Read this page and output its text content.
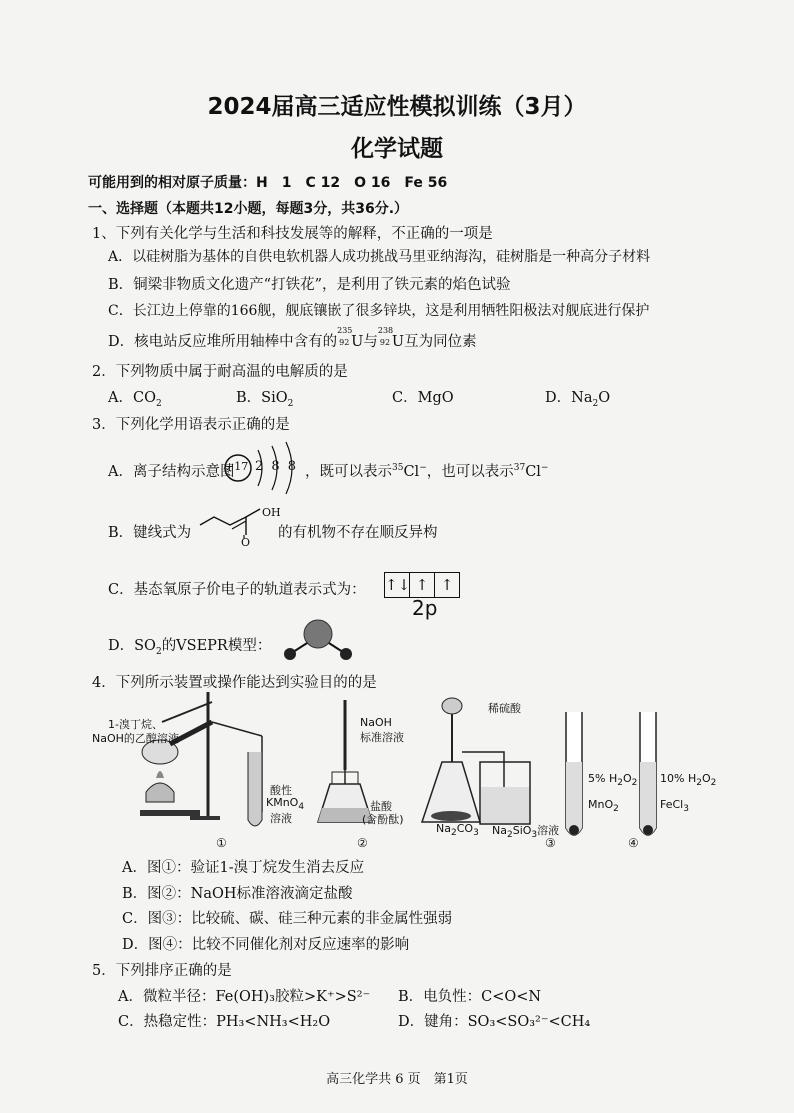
2024届高三适应性模拟训练（3月）
化学试题
可能用到的相对原子质量：H　1　C 12　O 16　Fe 56
一、选择题（本题共12小题，每题3分，共36分.）
1、下列有关化学与生活和科技发展等的解释，不正确的一项是
A．以硅树脂为基体的自供电软机器人成功挑战马里亚纳海沟，硅树脂是一种高分子材料
B．铜梁非物质文化遗产“打铁花”，是利用了铁元素的焰色试验
C．长江边上停靠的166舰，舰底镶嵌了很多锌块，这是利用牺牲阳极法对舰底进行保护
D．核电站反应堆所用轴棒中含有的
235
92 U与
238
92 U互为同位素
2．下列物质中属于耐高温的电解质的是
A．$CO_2$	B．SiO$_2$	C．MgO	D．$Na_2O$
3．下列化学用语表示正确的是
A．离子结构示意图
+17 2 8 8 ，既可以表示$^{35}$Cl−，也可以表示$^{37}$Cl−
B．键线式为
OH
O
的有机物不存在顺反异构
C．基态氧原子价电子的轨道表示式为： ↑↓ ↑ ↑
2p
D．$SO_2$的VSEPR模型：
4．下列所示装置或操作能达到实验目的的是
1-溴丁烷、
NaOH的乙醇溶液
酸性
KMnO$_4$
溶液
NaOH
标准溶液
盐酸
(含酚酞)
稀硫酸
$Na_2CO_3$ $Na_2SiO_3$溶液
5% $H_2O_2$
MnO$_2$
10% $H_2O_2$
FeCl$_3$
①	②	③	④
A．图①：验证1-溴丁烷发生消去反应
B．图②：NaOH标准溶液滴定盐酸
C．图③：比较硫、碳、硅三种元素的非金属性强弱
D．图④：比较不同催化剂对反应速率的影响
5．下列排序正确的是
A．微粒半径：Fe(OH)₃胶粒>K⁺>S²⁻ B．电负性：C<O<N
C．热稳定性：PH₃<NH₃<H₂O	D．键角：SO₃<SO₃²⁻<CH₄
高三化学共 6 页　第1页
